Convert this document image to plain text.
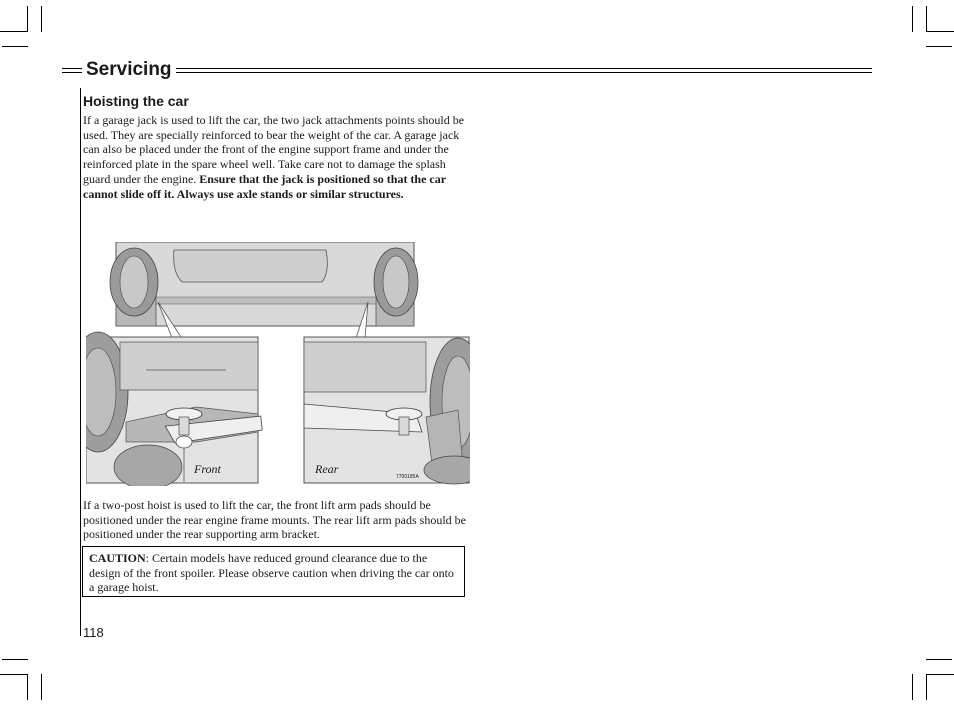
Servicing
Hoisting the car

If a garage jack is used to lift the car, the two jack attachments points should be used. They are specially reinforced to bear the weight of the car. A garage jack can also be placed under the front of the engine support frame and under the reinforced plate in the spare wheel well. Take care not to damage the splash guard under the engine. Ensure that the jack is positioned so that the car cannot slide off it. Always use axle stands or similar structures.

Front	Rear
7700185A

If a two-post hoist is used to lift the car, the front lift arm pads should be positioned under the rear engine frame mounts. The rear lift arm pads should be positioned under the rear supporting arm bracket.

CAUTION: Certain models have reduced ground clearance due to the design of the front spoiler. Please observe caution when driving the car onto a garage hoist.
118
